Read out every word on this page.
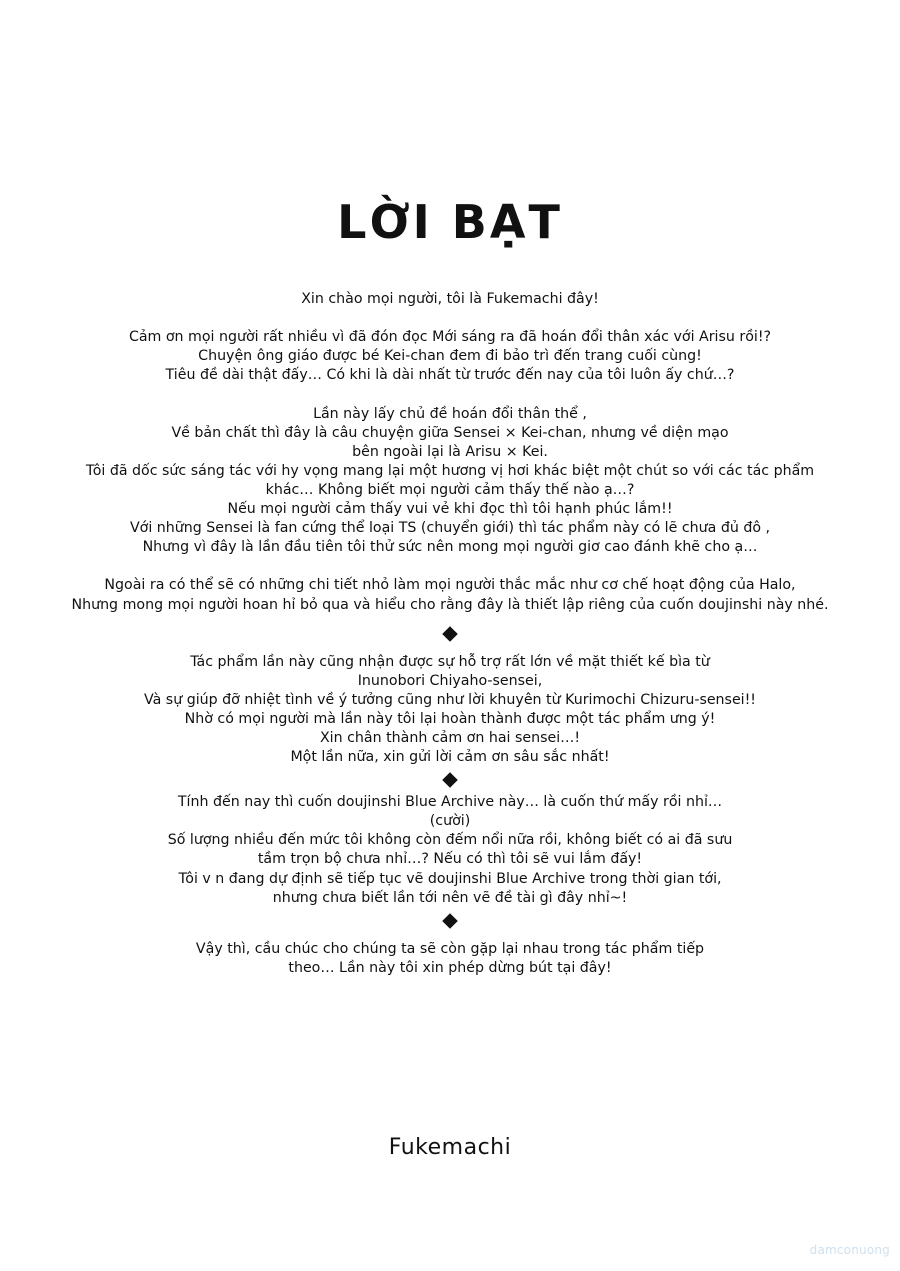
LỜI BẠT
Xin chào mọi người, tôi là Fukemachi đây!
Cảm ơn mọi người rất nhiều vì đã đón đọc Mới sáng ra đã hoán đổi thân xác với Arisu rồi!?
Chuyện ông giáo được bé Kei-chan đem đi bảo trì đến trang cuối cùng!
Tiêu đề dài thật đấy… Có khi là dài nhất từ trước đến nay của tôi luôn ấy chứ…?
Lần này lấy chủ đề hoán đổi thân thể ,
Về bản chất thì đây là câu chuyện giữa Sensei × Kei-chan, nhưng về diện mạo
bên ngoài lại là Arisu × Kei.
Tôi đã dốc sức sáng tác với hy vọng mang lại một hương vị hơi khác biệt một chút so với các tác phẩm
khác… Không biết mọi người cảm thấy thế nào ạ…?
Nếu mọi người cảm thấy vui vẻ khi đọc thì tôi hạnh phúc lắm!!
Với những Sensei là fan cứng thể loại TS (chuyển giới) thì tác phẩm này có lẽ chưa đủ đô ,
Nhưng vì đây là lần đầu tiên tôi thử sức nên mong mọi người giơ cao đánh khẽ cho ạ…
Ngoài ra có thể sẽ có những chi tiết nhỏ làm mọi người thắc mắc như cơ chế hoạt động của Halo,
Nhưng mong mọi người hoan hỉ bỏ qua và hiểu cho rằng đây là thiết lập riêng của cuốn doujinshi này nhé.
Tác phẩm lần này cũng nhận được sự hỗ trợ rất lớn về mặt thiết kế bìa từ
Inunobori Chiyaho-sensei,
Và sự giúp đỡ nhiệt tình về ý tưởng cũng như lời khuyên từ Kurimochi Chizuru-sensei!!
Nhờ có mọi người mà lần này tôi lại hoàn thành được một tác phẩm ưng ý!
Xin chân thành cảm ơn hai sensei…!
Một lần nữa, xin gửi lời cảm ơn sâu sắc nhất!
Tính đến nay thì cuốn doujinshi Blue Archive này… là cuốn thứ mấy rồi nhỉ…
(cười)
Số lượng nhiều đến mức tôi không còn đếm nổi nữa rồi, không biết có ai đã sưu
tầm trọn bộ chưa nhỉ…? Nếu có thì tôi sẽ vui lắm đấy!
Tôi v n đang dự định sẽ tiếp tục vẽ doujinshi Blue Archive trong thời gian tới,
nhưng chưa biết lần tới nên vẽ đề tài gì đây nhỉ~!
Vậy thì, cầu chúc cho chúng ta sẽ còn gặp lại nhau trong tác phẩm tiếp
theo… Lần này tôi xin phép dừng bút tại đây!
Fukemachi
damconuong
